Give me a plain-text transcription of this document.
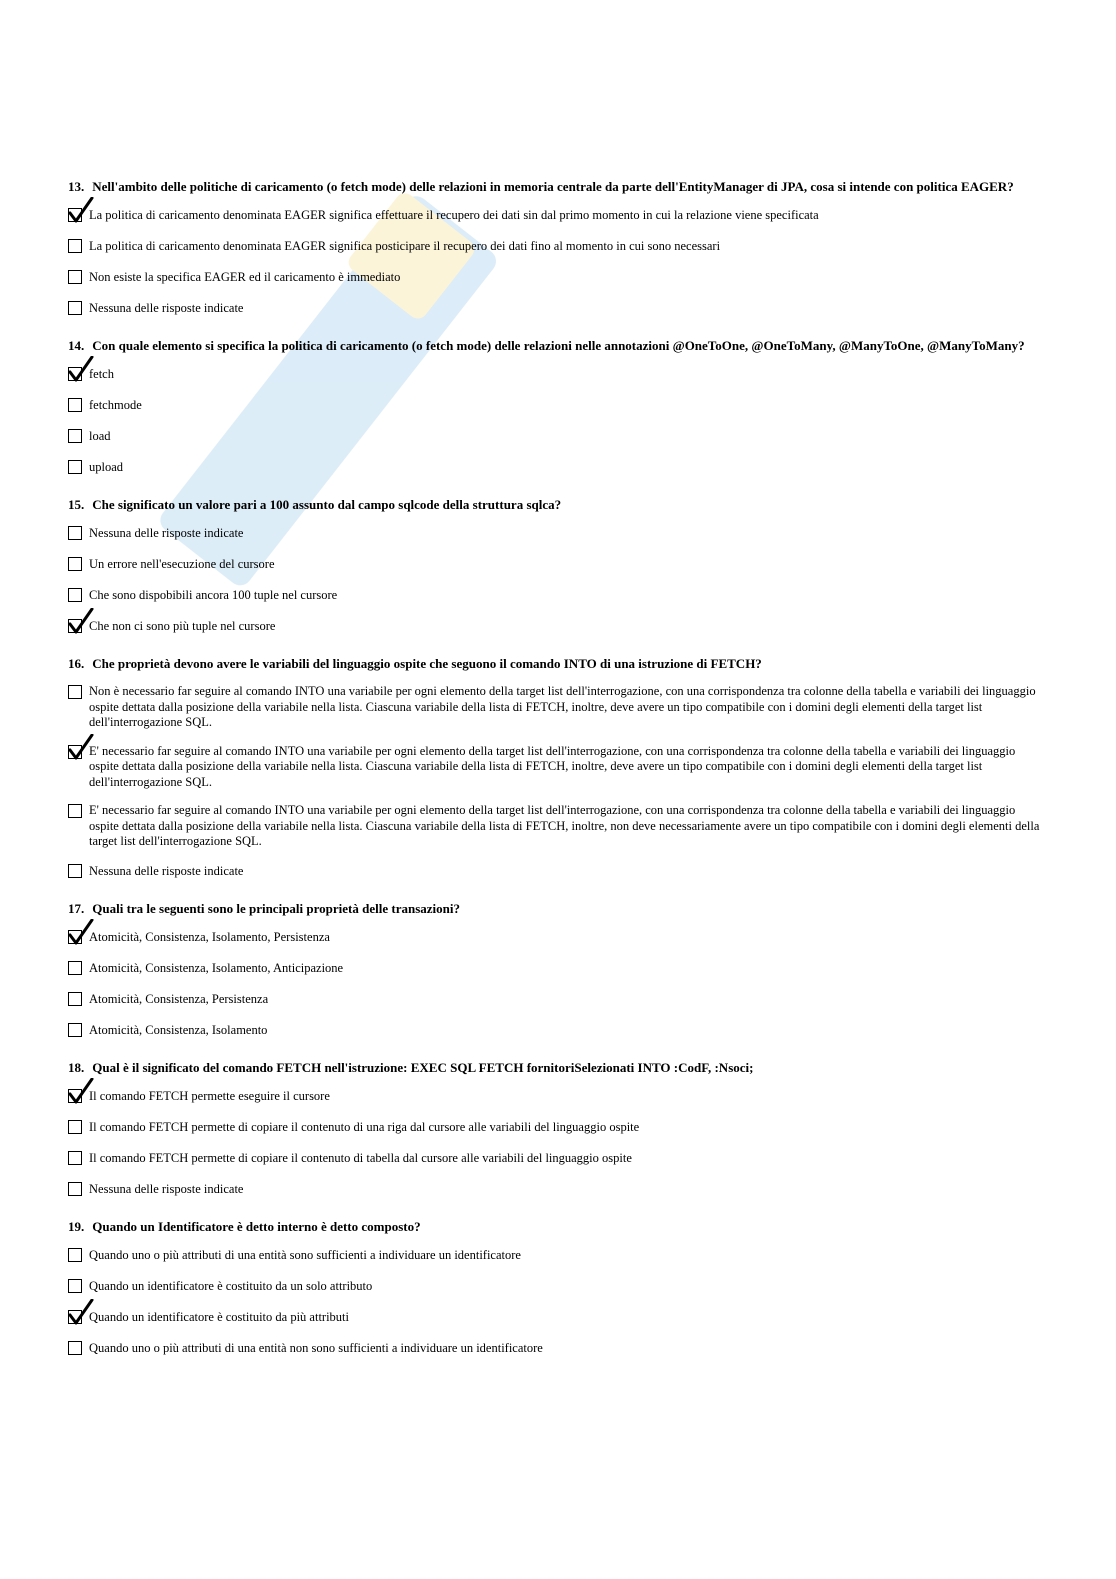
13. Nell'ambito delle politiche di caricamento (o fetch mode) delle relazioni in memoria centrale da parte dell'EntityManager di JPA, cosa si intende con politica EAGER?
La politica di caricamento denominata EAGER significa effettuare il recupero dei dati sin dal primo momento in cui la relazione viene specificata
La politica di caricamento denominata EAGER significa posticipare il recupero dei dati fino al momento in cui sono necessari
Non esiste la specifica EAGER ed il caricamento è immediato
Nessuna delle risposte indicate
14. Con quale elemento si specifica la politica di caricamento (o fetch mode) delle relazioni nelle annotazioni @OneToOne, @OneToMany, @ManyToOne, @ManyToMany?
fetch
fetchmode
load
upload
15. Che significato un valore pari a 100 assunto dal campo sqlcode della struttura sqlca?
Nessuna delle risposte indicate
Un errore nell'esecuzione del cursore
Che sono dispobibili ancora 100 tuple nel cursore
Che non ci sono più tuple nel cursore
16. Che proprietà devono avere le variabili del linguaggio ospite che seguono il comando INTO di una istruzione di FETCH?
Non è necessario far seguire al comando INTO una variabile per ogni elemento della target list dell'interrogazione, con una corrispondenza tra colonne della tabella e variabili dei linguaggio ospite dettata dalla posizione della variabile nella lista. Ciascuna variabile della lista di FETCH, inoltre, deve avere un tipo compatibile con i domini degli elementi della target list dell'interrogazione SQL.
E' necessario far seguire al comando INTO una variabile per ogni elemento della target list dell'interrogazione, con una corrispondenza tra colonne della tabella e variabili dei linguaggio ospite dettata dalla posizione della variabile nella lista. Ciascuna variabile della lista di FETCH, inoltre, deve avere un tipo compatibile con i domini degli elementi della target list dell'interrogazione SQL.
E' necessario far seguire al comando INTO una variabile per ogni elemento della target list dell'interrogazione, con una corrispondenza tra colonne della tabella e variabili dei linguaggio ospite dettata dalla posizione della variabile nella lista. Ciascuna variabile della lista di FETCH, inoltre, non deve necessariamente avere un tipo compatibile con i domini degli elementi della target list dell'interrogazione SQL.
Nessuna delle risposte indicate
17. Quali tra le seguenti sono le principali proprietà delle transazioni?
Atomicità, Consistenza, Isolamento, Persistenza
Atomicità, Consistenza, Isolamento, Anticipazione
Atomicità, Consistenza, Persistenza
Atomicità, Consistenza, Isolamento
18. Qual è il significato del comando FETCH nell'istruzione: EXEC SQL FETCH fornitoriSelezionati INTO :CodF, :Nsoci;
Il comando FETCH permette eseguire il cursore
Il comando FETCH permette di copiare il contenuto di una riga dal cursore alle variabili del linguaggio ospite
Il comando FETCH permette di copiare il contenuto di tabella dal cursore alle variabili del linguaggio ospite
Nessuna delle risposte indicate
19. Quando un Identificatore è detto interno è detto composto?
Quando uno o più attributi di una entità sono sufficienti a individuare un identificatore
Quando un identificatore è costituito da un solo attributo
Quando un identificatore è costituito da più attributi
Quando uno o più attributi di una entità non sono sufficienti a individuare un identificatore
